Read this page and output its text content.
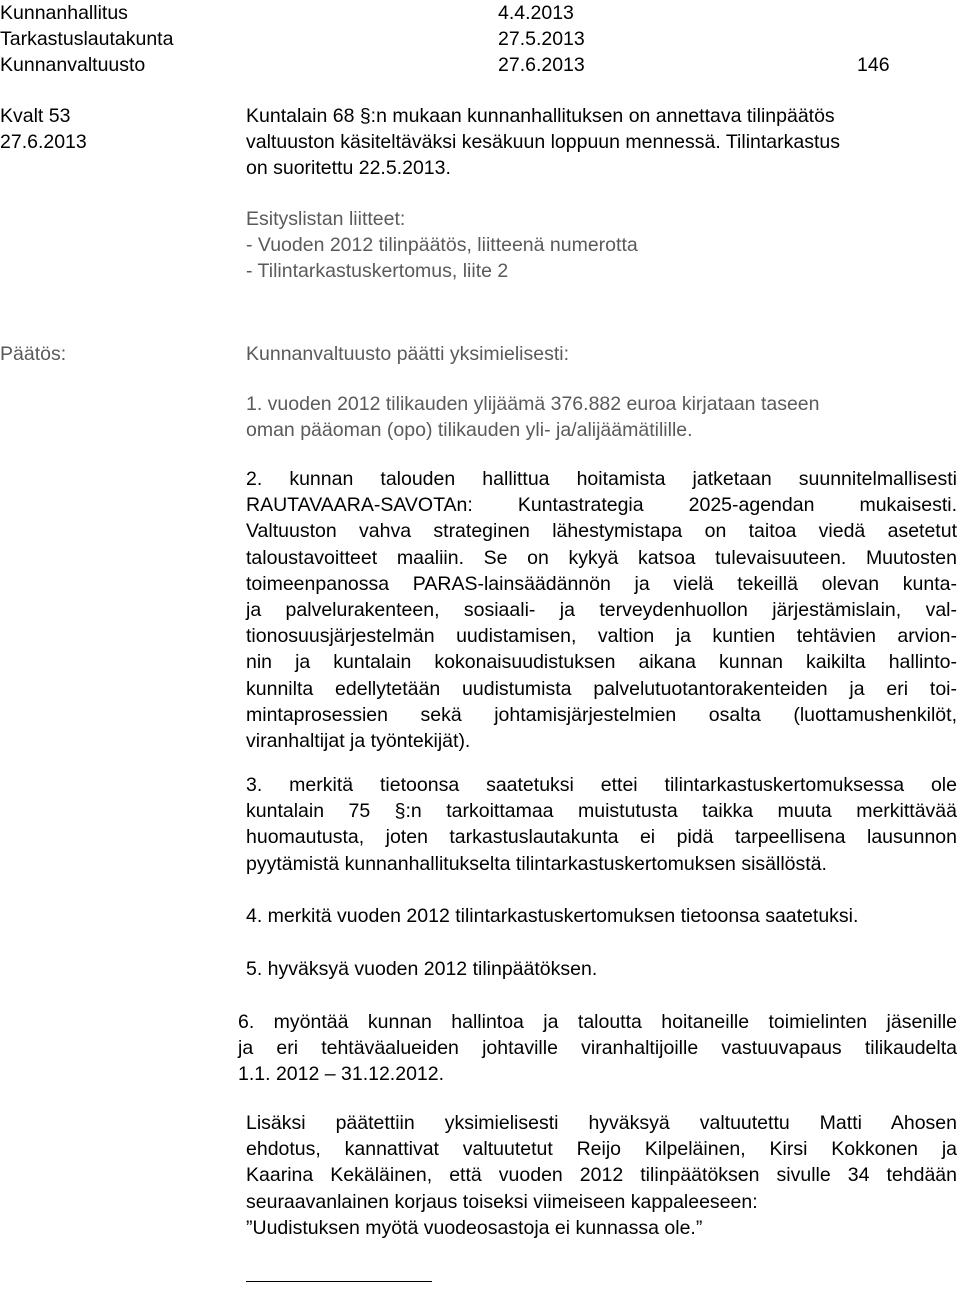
Kunnanhallitus	4.4.2013
Tarkastuslautakunta	27.5.2013
Kunnanvaltuusto	27.6.2013	146
Kvalt 53
27.6.2013
Kuntalain 68 §:n mukaan kunnanhallituksen on annettava tilinpäätös
valtuuston käsiteltäväksi kesäkuun loppuun mennessä. Tilintarkastus
on suoritettu 22.5.2013.
Esityslistan liitteet:
- Vuoden 2012 tilinpäätös, liitteenä numerotta
- Tilintarkastuskertomus, liite 2
Päätös:	Kunnanvaltuusto päätti yksimielisesti:
1. vuoden 2012 tilikauden ylijäämä 376.882 euroa kirjataan taseen
oman pääoman (opo) tilikauden yli- ja/alijäämätilille.
2. kunnan talouden hallittua hoitamista jatketaan suunnitelmallisesti
RAUTAVAARA-SAVOTAn: Kuntastrategia 2025-agendan mukaisesti.
Valtuuston vahva strateginen lähestymistapa on taitoa viedä asetetut
taloustavoitteet maaliin. Se on kykyä katsoa tulevaisuuteen. Muutosten
toimeenpanossa PARAS-lainsäädännön ja vielä tekeillä olevan kunta-
ja palvelurakenteen, sosiaali- ja terveydenhuollon järjestämislain, val-
tionosuusjärjestelmän uudistamisen, valtion ja kuntien tehtävien arvion-
nin ja kuntalain kokonaisuudistuksen aikana kunnan kaikilta hallinto-
kunnilta edellytetään uudistumista palvelutuotantorakenteiden ja eri toi-
mintaprosessien sekä johtamisjärjestelmien osalta (luottamushenkilöt,
viranhaltijat ja työntekijät).
3. merkitä tietoonsa saatetuksi ettei tilintarkastuskertomuksessa ole
kuntalain 75 §:n tarkoittamaa muistutusta taikka muuta merkittävää
huomautusta, joten tarkastuslautakunta ei pidä tarpeellisena lausunnon
pyytämistä kunnanhallitukselta tilintarkastuskertomuksen sisällöstä.
4. merkitä vuoden 2012 tilintarkastuskertomuksen tietoonsa saatetuksi.
5. hyväksyä vuoden 2012 tilinpäätöksen.
6. myöntää kunnan hallintoa ja taloutta hoitaneille toimielinten jäsenille
ja eri tehtäväalueiden johtaville viranhaltijoille vastuuvapaus tilikaudelta
1.1. 2012 – 31.12.2012.
Lisäksi päätettiin yksimielisesti hyväksyä valtuutettu Matti Ahosen
ehdotus, kannattivat valtuutetut Reijo Kilpeläinen, Kirsi Kokkonen ja
Kaarina Kekäläinen, että vuoden 2012 tilinpäätöksen sivulle 34 tehdään
seuraavanlainen korjaus toiseksi viimeiseen kappaleeseen:
”Uudistuksen myötä vuodeosastoja ei kunnassa ole.”
